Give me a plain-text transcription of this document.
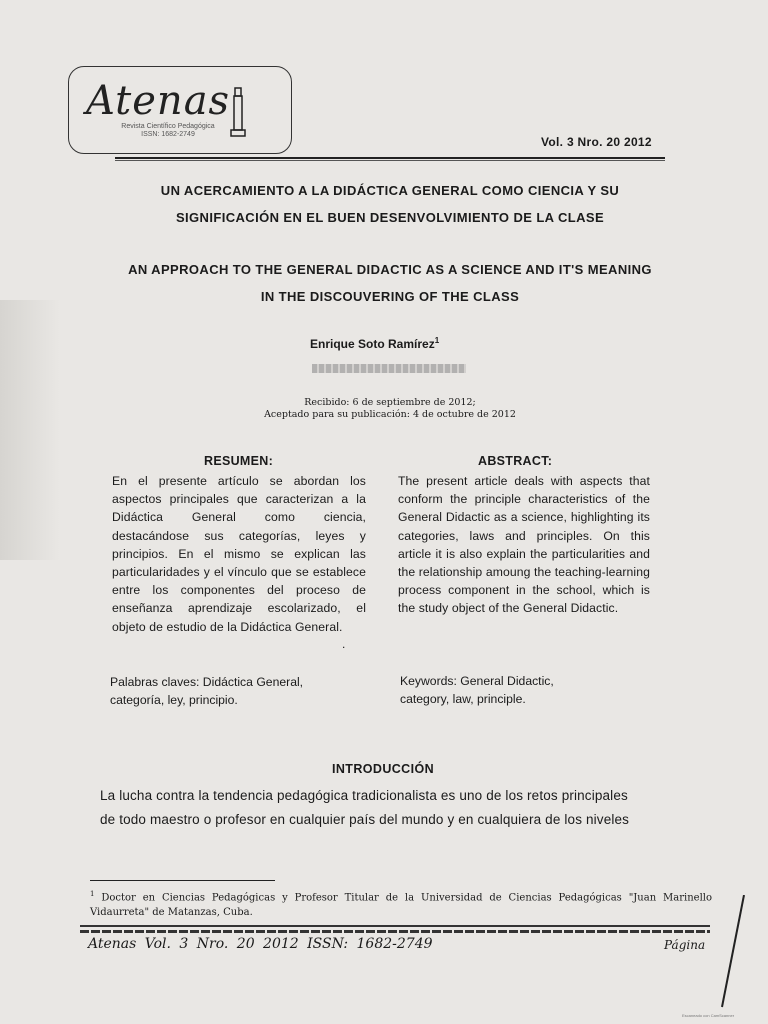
Atenas
Revista Científico Pedagógica
ISSN: 1682-2749
Vol. 3 Nro. 20 2012
UN ACERCAMIENTO A LA DIDÁCTICA GENERAL COMO CIENCIA Y SU
SIGNIFICACIÓN EN EL BUEN DESENVOLVIMIENTO DE LA CLASE
AN APPROACH TO THE GENERAL DIDACTIC AS A SCIENCE AND IT'S MEANING
IN THE DISCOUVERING OF THE CLASS
Enrique Soto Ramírez$^1$
Recibido: 6 de septiembre de 2012;
Aceptado para su publicación: 4 de octubre de 2012
RESUMEN:
En el presente artículo se abordan los aspectos principales que caracterizan a la Didáctica General como ciencia, destacándose sus categorías, leyes y principios. En el mismo se explican las particularidades y el vínculo que se establece entre los componentes del proceso de enseñanza aprendizaje escolarizado, el objeto de estudio de la Didáctica General.
.
Palabras claves: Didáctica General,
categoría, ley, principio.
ABSTRACT:
The present article deals with aspects that conform the principle characteristics of the General Didactic as a science, highlighting its categories, laws and principles. On this article it is also explain the particularities and the relationship amoung the teaching-learning process component in the school, which is the study object of the General Didactic.
Keywords: General Didactic,
category, law, principle.
INTRODUCCIÓN
La lucha contra la tendencia pedagógica tradicionalista es uno de los retos principales
de todo maestro o profesor en cualquier país del mundo y en cualquiera de los niveles
$^1$ Doctor en Ciencias Pedagógicas y Profesor Titular de la Universidad de Ciencias Pedagógicas "Juan Marinello Vidaurreta" de Matanzas, Cuba.
Atenas Vol. 3 Nro. 20 2012 ISSN: 1682-2749	Página
Escaneado con CamScanner
